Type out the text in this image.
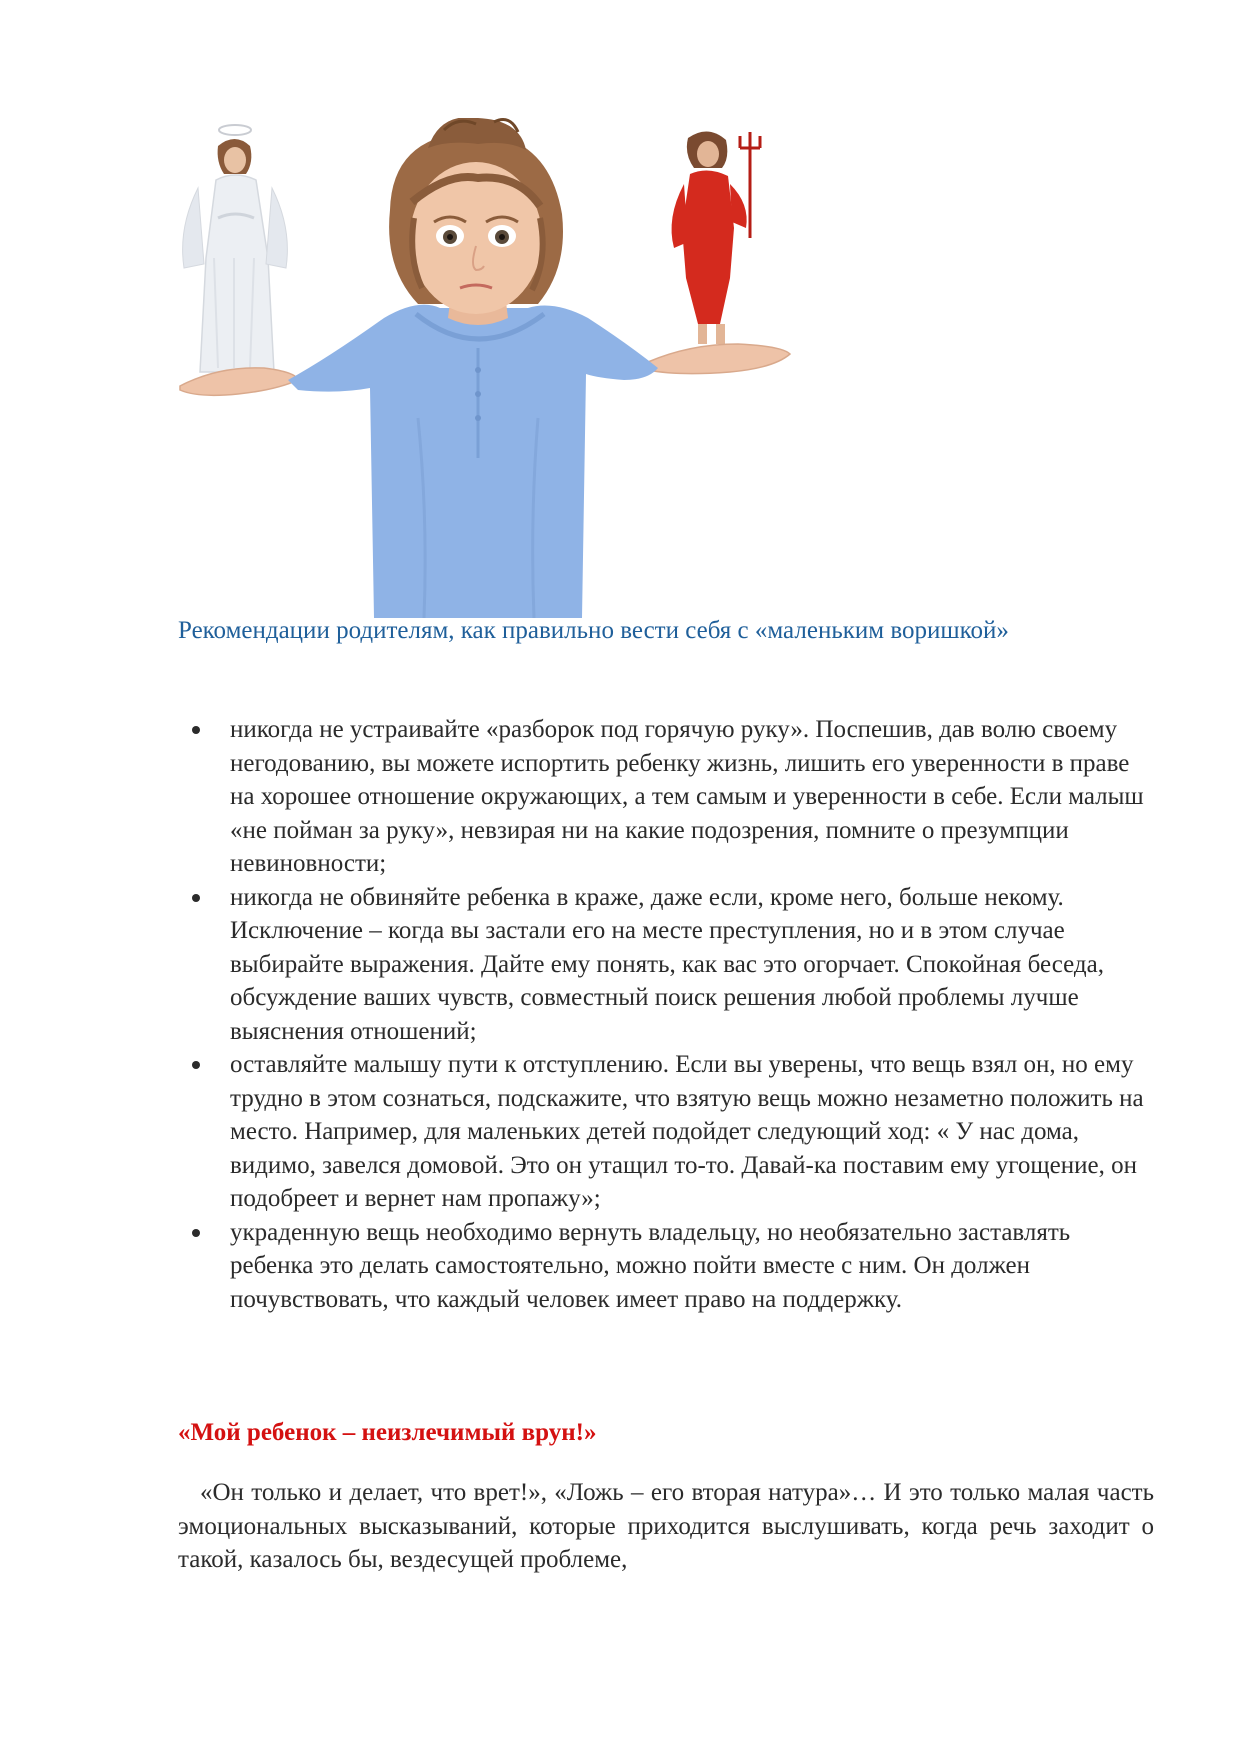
Рекомендации родителям, как правильно вести себя с «маленьким воришкой»
никогда не устраивайте «разборок под горячую руку». Поспешив, дав волю своему негодованию, вы можете испортить ребенку жизнь, лишить его уверенности в праве на хорошее отношение окружающих, а тем самым и уверенности в себе. Если малыш «не пойман за руку», невзирая ни на какие подозрения, помните о презумпции невиновности;
никогда не обвиняйте ребенка в краже, даже если, кроме него, больше некому. Исключение – когда вы застали его на месте преступления, но и в этом случае выбирайте выражения. Дайте ему понять, как вас это огорчает. Спокойная беседа, обсуждение ваших чувств, совместный поиск решения любой проблемы лучше выяснения отношений;
оставляйте малышу пути к отступлению. Если вы уверены, что вещь взял он, но ему трудно в этом сознаться, подскажите, что взятую вещь можно незаметно положить на место. Например, для маленьких детей подойдет следующий ход: « У нас дома, видимо, завелся домовой. Это он утащил то-то. Давай-ка поставим ему угощение, он подобреет и вернет нам пропажу»;
украденную вещь необходимо вернуть владельцу, но необязательно заставлять ребенка это делать самостоятельно, можно пойти вместе с ним. Он должен почувствовать, что каждый человек имеет право на поддержку.
«Мой ребенок – неизлечимый врун!»

«Он только и делает, что врет!», «Ложь – его вторая натура»… И это только малая часть эмоциональных высказываний, которые приходится выслушивать, когда речь заходит о такой, казалось бы, вездесущей проблеме,
